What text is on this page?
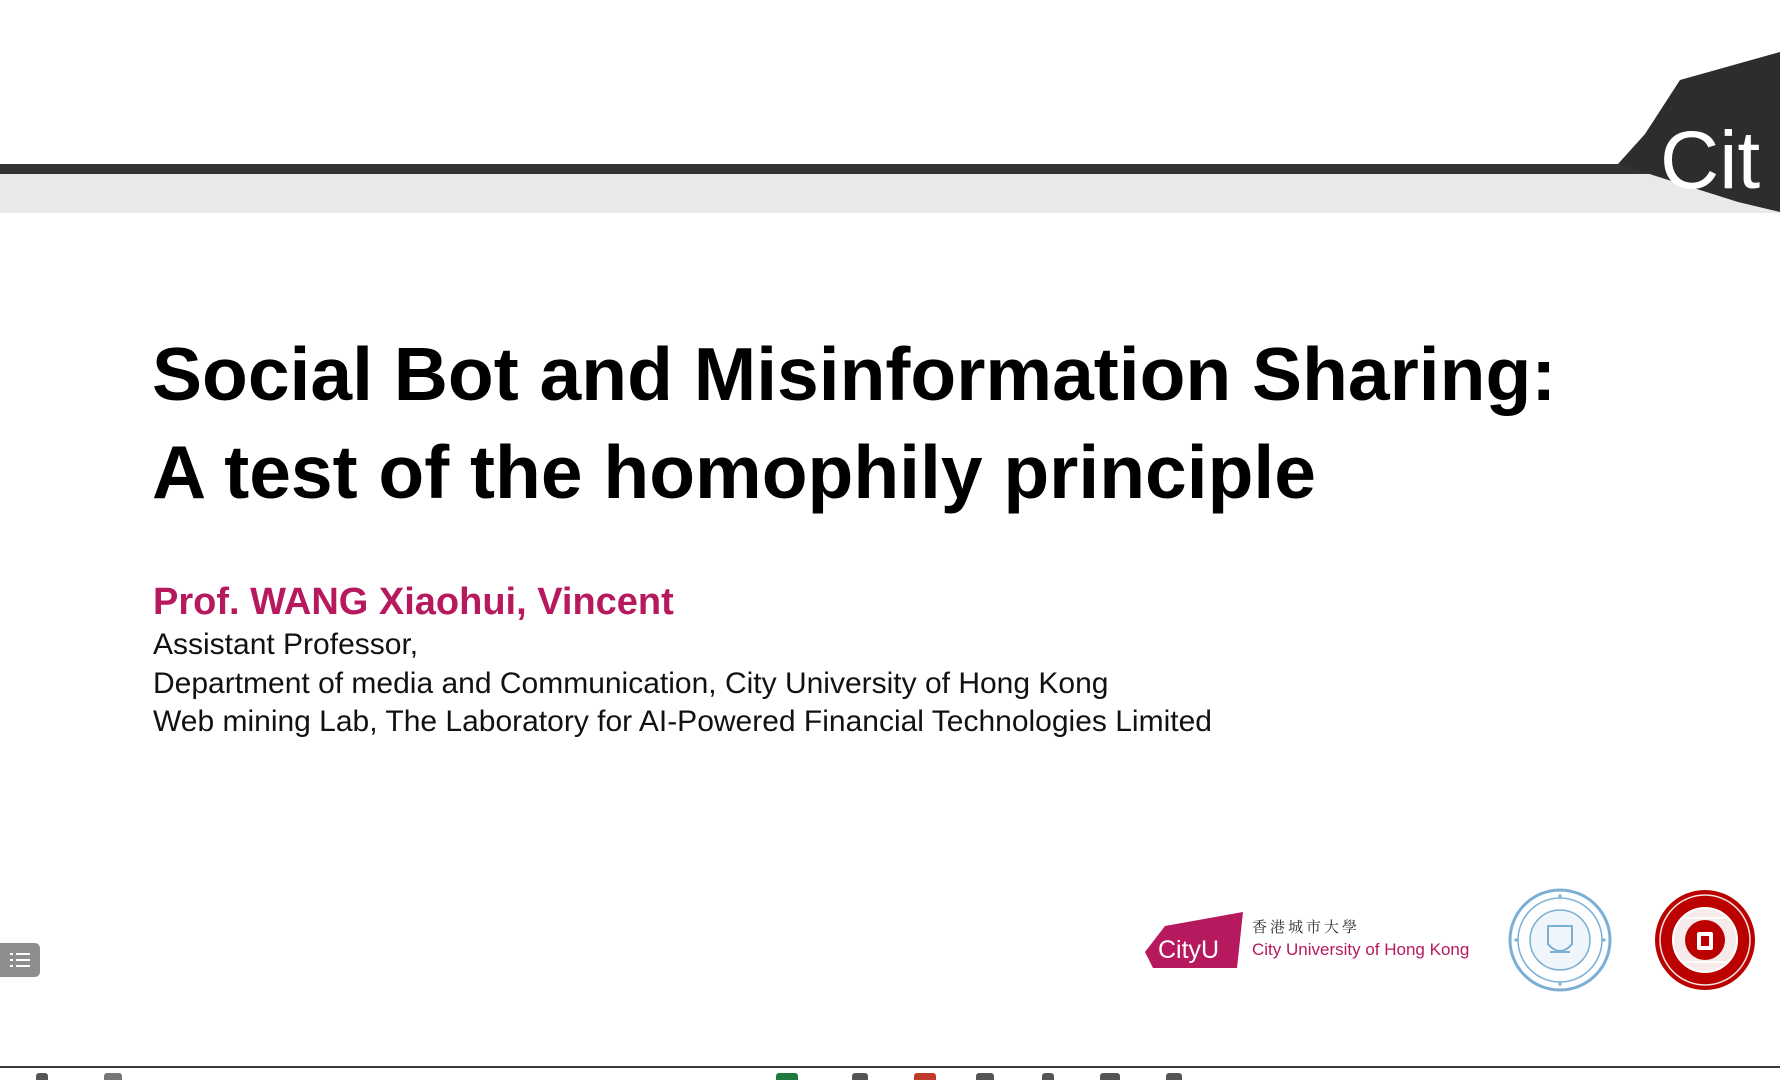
Cit
Social Bot and Misinformation Sharing:
A test of the homophily principle
Prof. WANG Xiaohui, Vincent
Assistant Professor,
Department of media and Communication, City University of Hong Kong
Web mining Lab, The Laboratory for AI-Powered Financial Technologies Limited
CityU
香港城市大學
City University of Hong Kong
